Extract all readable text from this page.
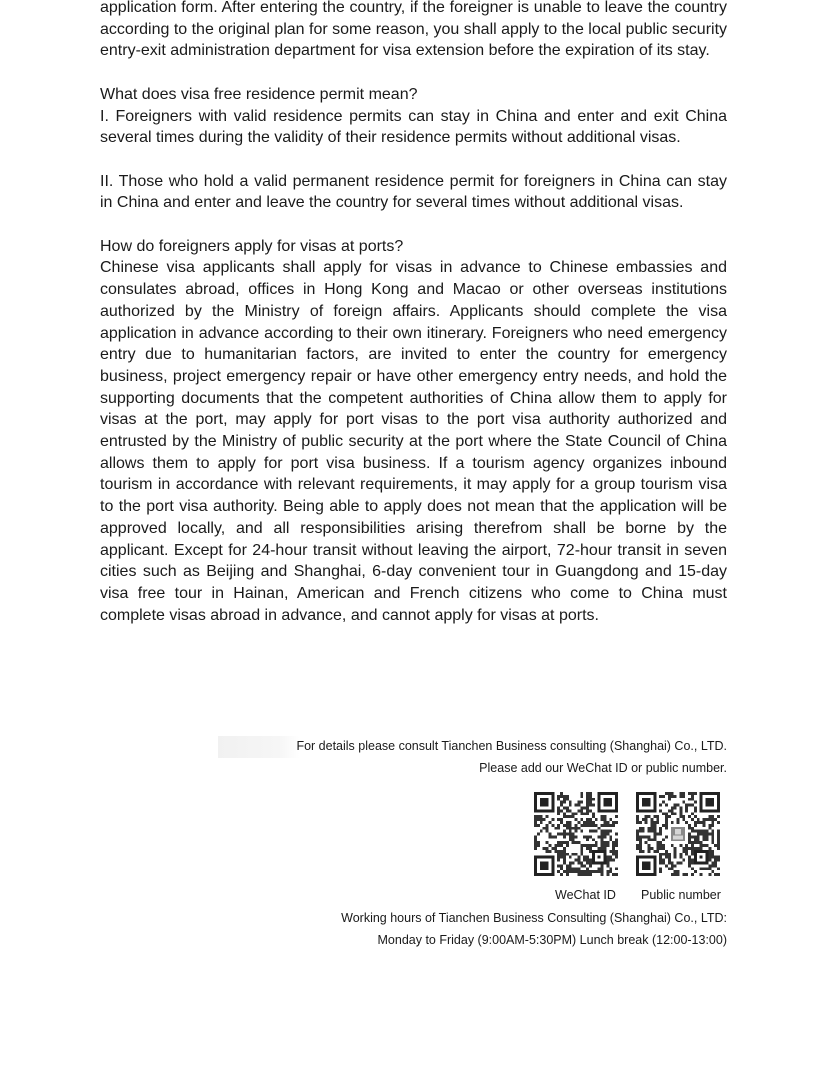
application form. After entering the country, if the foreigner is unable to leave the country according to the original plan for some reason, you shall apply to the local public security entry-exit administration department for visa extension before the expiration of its stay.

What does visa free residence permit mean?

I. Foreigners with valid residence permits can stay in China and enter and exit China several times during the validity of their residence permits without additional visas.

II. Those who hold a valid permanent residence permit for foreigners in China can stay in China and enter and leave the country for several times without additional visas.

How do foreigners apply for visas at ports?

Chinese visa applicants shall apply for visas in advance to Chinese embassies and consulates abroad, offices in Hong Kong and Macao or other overseas institutions authorized by the Ministry of foreign affairs. Applicants should complete the visa application in advance according to their own itinerary. Foreigners who need emergency entry due to humanitarian factors, are invited to enter the country for emergency business, project emergency repair or have other emergency entry needs, and hold the supporting documents that the competent authorities of China allow them to apply for visas at the port, may apply for port visas to the port visa authority authorized and entrusted by the Ministry of public security at the port where the State Council of China allows them to apply for port visa business. If a tourism agency organizes inbound tourism in accordance with relevant requirements, it may apply for a group tourism visa to the port visa authority. Being able to apply does not mean that the application will be approved locally, and all responsibilities arising therefrom shall be borne by the applicant. Except for 24-hour transit without leaving the airport, 72-hour transit in seven cities such as Beijing and Shanghai, 6-day convenient tour in Guangdong and 15-day visa free tour in Hainan, American and French citizens who come to China must complete visas abroad in advance, and cannot apply for visas at ports.

For details please consult Tianchen Business consulting (Shanghai) Co., LTD.

Please add our WeChat ID or public number.

WeChat ID Public number

Working hours of Tianchen Business Consulting (Shanghai) Co., LTD:

Monday to Friday (9:00AM-5:30PM) Lunch break (12:00-13:00)
